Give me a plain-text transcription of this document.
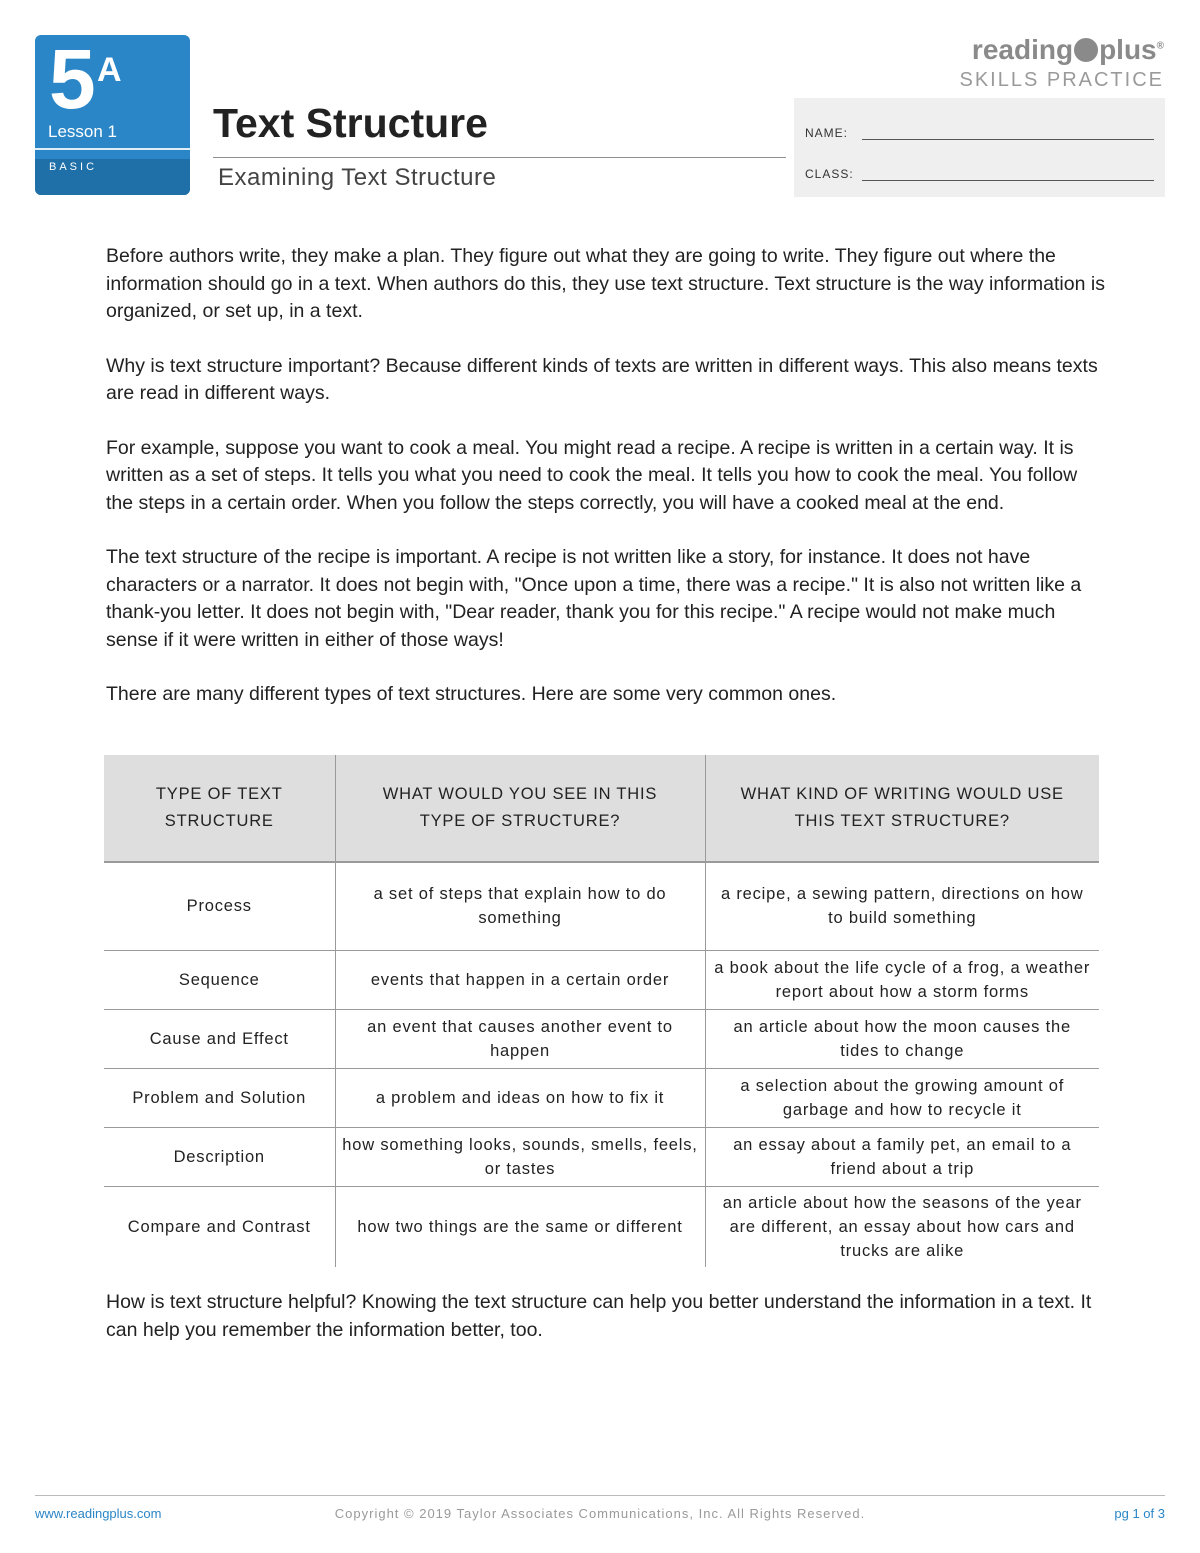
5 A
Lesson 1
BASIC
Text Structure
Examining Text Structure
reading plus®
SKILLS PRACTICE
NAME:
CLASS:

Before authors write, they make a plan. They figure out what they are going to write. They figure out where the information should go in a text. When authors do this, they use text structure. Text structure is the way information is organized, or set up, in a text.

Why is text structure important? Because different kinds of texts are written in different ways. This also means texts are read in different ways.

For example, suppose you want to cook a meal. You might read a recipe. A recipe is written in a certain way. It is written as a set of steps. It tells you what you need to cook the meal. It tells you how to cook the meal. You follow the steps in a certain order. When you follow the steps correctly, you will have a cooked meal at the end.

The text structure of the recipe is important. A recipe is not written like a story, for instance. It does not have characters or a narrator. It does not begin with, "Once upon a time, there was a recipe." It is also not written like a thank-you letter. It does not begin with, "Dear reader, thank you for this recipe." A recipe would not make much sense if it were written in either of those ways!

There are many different types of text structures. Here are some very common ones.

TYPE OF TEXT STRUCTURE	WHAT WOULD YOU SEE IN THIS TYPE OF STRUCTURE?	WHAT KIND OF WRITING WOULD USE THIS TEXT STRUCTURE?
Process	a set of steps that explain how to do something	a recipe, a sewing pattern, directions on how to build something
Sequence	events that happen in a certain order	a book about the life cycle of a frog, a weather report about how a storm forms
Cause and Effect	an event that causes another event to happen	an article about how the moon causes the tides to change
Problem and Solution	a problem and ideas on how to fix it	a selection about the growing amount of garbage and how to recycle it
Description	how something looks, sounds, smells, feels, or tastes	an essay about a family pet, an email to a friend about a trip
Compare and Contrast	how two things are the same or different	an article about how the seasons of the year are different, an essay about how cars and trucks are alike

How is text structure helpful? Knowing the text structure can help you better understand the information in a text. It can help you remember the information better, too.

www.readingplus.com	Copyright © 2019 Taylor Associates Communications, Inc. All Rights Reserved.	pg 1 of 3
